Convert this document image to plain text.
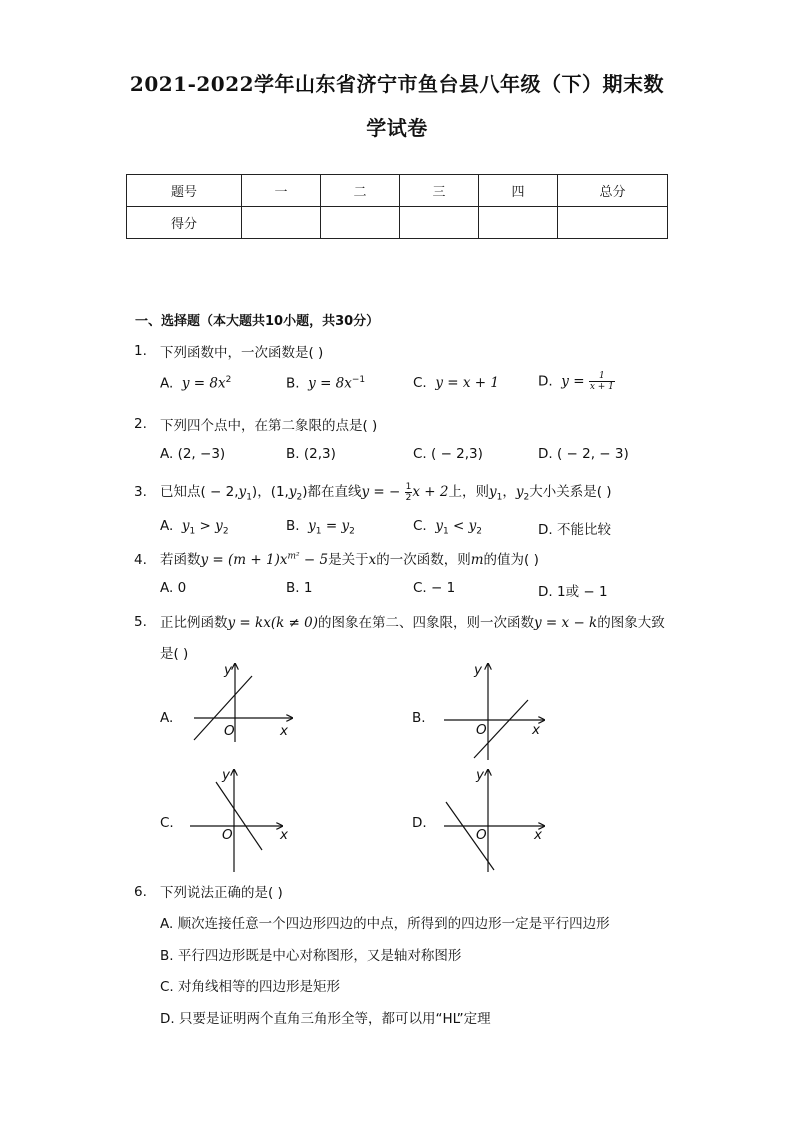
2021-2022学年山东省济宁市鱼台县八年级（下）期末数
学试卷
题号	一	二	三	四	总分
得分					
一、选择题（本大题共10小题，共30分）
1. 下列函数中，一次函数是( )
A. $y = 8x^2$	B. $y = 8x^{-1}$	C. y = x + 1	D. $y = \frac{1}{x + 1}$
2. 下列四个点中，在第二象限的点是( )
A. (2, −3)	B. (2,3)	C. ( − 2,3)	D. ( − 2, − 3)
3. 已知点( − $2,y_1$)，$(1,y_2)$都在直线y = − $\frac{1}{2}$ x + 2上，则$y_1$，$y_2$大小关系是( )
A. $y_1 > y_2$	B. $y_1 = y_2$	C. $y_1 < y_2$	D. 不能比较
4. 若函数$y = (m + 1)x^{m^2} - 5$是关于x的一次函数，则m的值为( )
A. 0	B. 1	C. − 1	D. 1或 − 1
5. 正比例函数y = kx(k ≠ 0)的图象在第二、四象限，则一次函数y = x − k的图象大致
是( )
A.
y
O	x
B.
y
O	x
C.
y
O	x
D.
y
O	x
6. 下列说法正确的是( )
A. 顺次连接任意一个四边形四边的中点，所得到的四边形一定是平行四边形
B. 平行四边形既是中心对称图形，又是轴对称图形
C. 对角线相等的四边形是矩形
D. 只要是证明两个直角三角形全等，都可以用“HL”定理
